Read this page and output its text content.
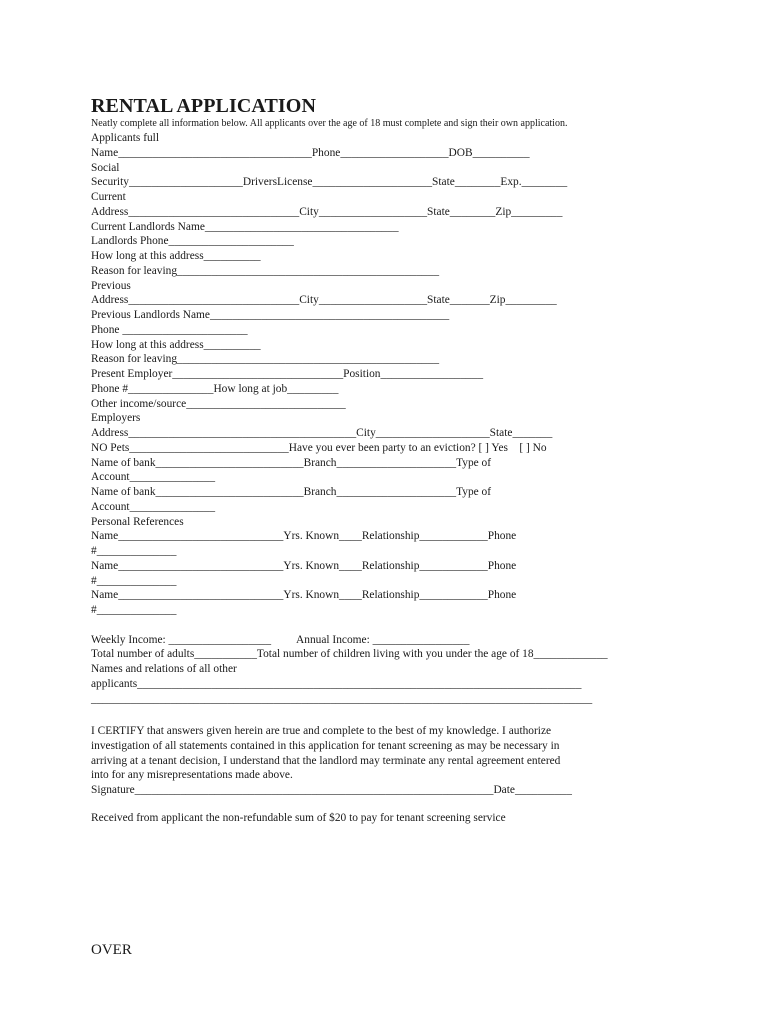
RENTAL APPLICATION
Neatly complete all information below. All applicants over the age of 18 must complete and sign their own application.
Applicants full
Name__________________________________Phone___________________DOB__________
Social
Security____________________DriversLicense_____________________State________Exp.________
Current
Address______________________________City___________________State________Zip_________
Current Landlords Name__________________________________
Landlords Phone______________________
How long at this address__________
Reason for leaving______________________________________________
Previous
Address______________________________City___________________State_______Zip_________
Previous Landlords Name__________________________________________
Phone ______________________
How long at this address__________
Reason for leaving______________________________________________
Present Employer______________________________Position__________________
Phone #_______________How long at job_________
Other income/source____________________________
Employers
Address________________________________________City____________________State_______
NO Pets____________________________Have you ever been party to an eviction? [ ] Yes    [ ] No
Name of bank__________________________Branch_____________________Type of
Account_______________
Name of bank__________________________Branch_____________________Type of
Account_______________
Personal References
Name_____________________________Yrs. Known____Relationship____________Phone
#______________
Name_____________________________Yrs. Known____Relationship____________Phone
#______________
Name_____________________________Yrs. Known____Relationship____________Phone
#______________
Weekly Income: __________________         Annual Income: _________________
Total number of adults___________Total number of children living with you under the age of 18_____________
Names and relations of all other
applicants______________________________________________________________________________
________________________________________________________________________________________
I CERTIFY that answers given herein are true and complete to the best of my knowledge. I authorize
investigation of all statements contained in this application for tenant screening as may be necessary in
arriving at a tenant decision, I understand that the landlord may terminate any rental agreement entered
into for any misrepresentations made above.
Signature_______________________________________________________________Date__________
Received from applicant the non-refundable sum of $20 to pay for tenant screening service
OVER
